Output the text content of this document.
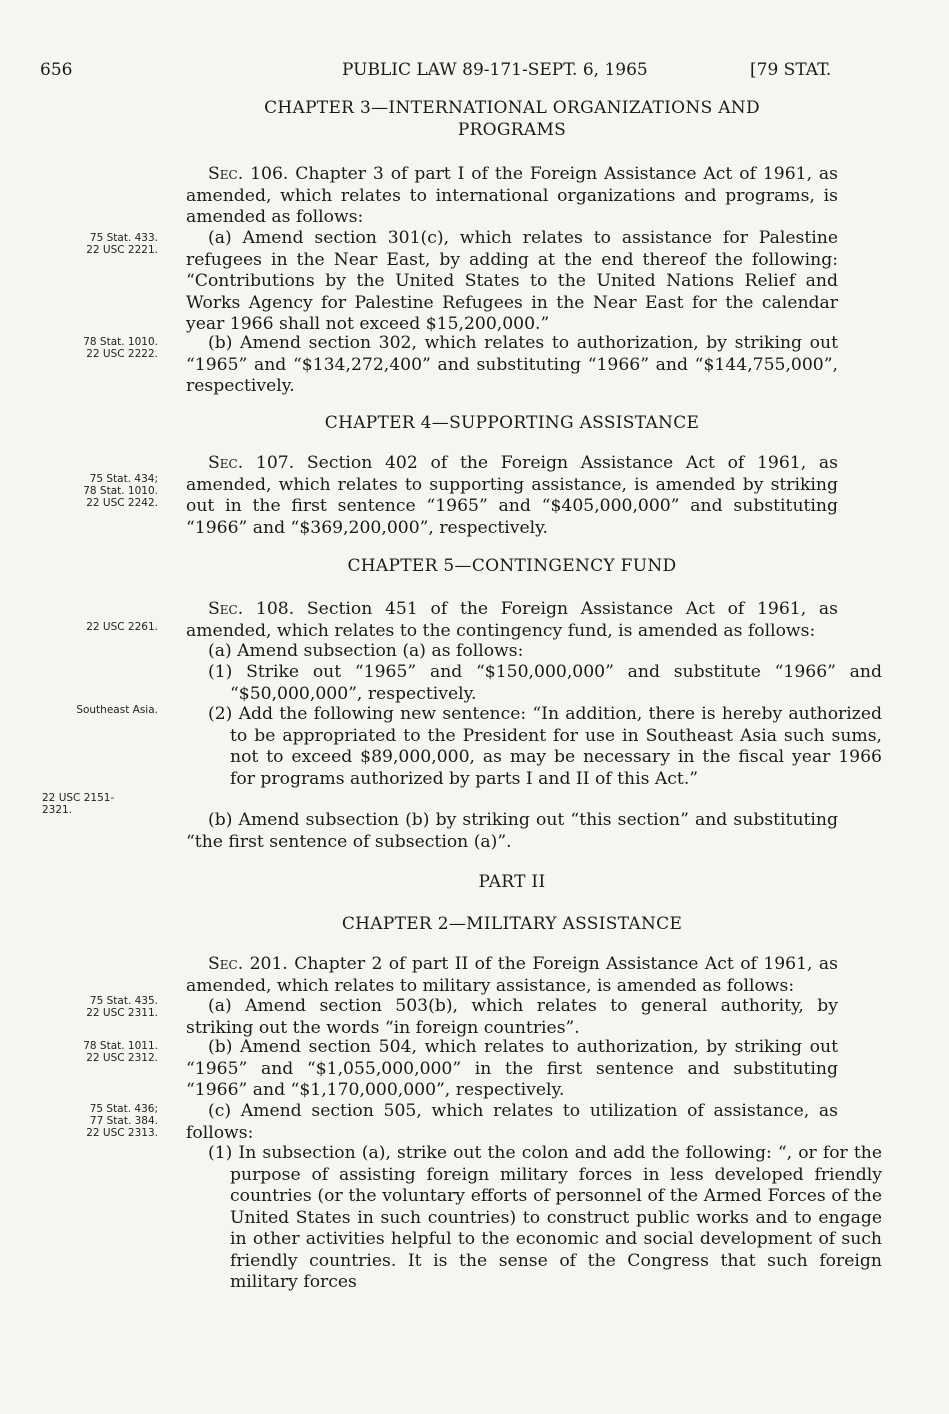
656	PUBLIC LAW 89-171-SEPT. 6, 1965	[79 STAT.
CHAPTER 3—INTERNATIONAL ORGANIZATIONS AND
PROGRAMS
Sec. 106. Chapter 3 of part I of the Foreign Assistance Act of 1961, as amended, which relates to international organizations and programs, is amended as follows:
(a) Amend section 301(c), which relates to assistance for Palestine refugees in the Near East, by adding at the end thereof the following: “Contributions by the United States to the United Nations Relief and Works Agency for Palestine Refugees in the Near East for the calendar year 1966 shall not exceed $15,200,000.”
(b) Amend section 302, which relates to authorization, by striking out “1965” and “$134,272,400” and substituting “1966” and “$144,755,000”, respectively.
CHAPTER 4—SUPPORTING ASSISTANCE
Sec. 107. Section 402 of the Foreign Assistance Act of 1961, as amended, which relates to supporting assistance, is amended by striking out in the first sentence “1965” and “$405,000,000” and substituting “1966” and “$369,200,000”, respectively.
CHAPTER 5—CONTINGENCY FUND
Sec. 108. Section 451 of the Foreign Assistance Act of 1961, as amended, which relates to the contingency fund, is amended as follows:
(a) Amend subsection (a) as follows:
(1) Strike out “1965” and “$150,000,000” and substitute “1966” and “$50,000,000”, respectively.
(2) Add the following new sentence: “In addition, there is hereby authorized to be appropriated to the President for use in Southeast Asia such sums, not to exceed $89,000,000, as may be necessary in the fiscal year 1966 for programs authorized by parts I and II of this Act.”
(b) Amend subsection (b) by striking out “this section” and substituting “the first sentence of subsection (a)”.
PART II
CHAPTER 2—MILITARY ASSISTANCE
Sec. 201. Chapter 2 of part II of the Foreign Assistance Act of 1961, as amended, which relates to military assistance, is amended as follows:
(a) Amend section 503(b), which relates to general authority, by striking out the words “in foreign countries”.
(b) Amend section 504, which relates to authorization, by striking out “1965” and “$1,055,000,000” in the first sentence and substituting “1966” and “$1,170,000,000”, respectively.
(c) Amend section 505, which relates to utilization of assistance, as follows:
(1) In subsection (a), strike out the colon and add the following: “, or for the purpose of assisting foreign military forces in less developed friendly countries (or the voluntary efforts of personnel of the Armed Forces of the United States in such countries) to construct public works and to engage in other activities helpful to the economic and social development of such friendly countries. It is the sense of the Congress that such foreign military forces
75 Stat. 433.
22 USC 2221.
78 Stat. 1010.
22 USC 2222.
75 Stat. 434;
78 Stat. 1010.
22 USC 2242.
22 USC 2261.
Southeast Asia.
22 USC 2151-
2321.
75 Stat. 435.
22 USC 2311.
78 Stat. 1011.
22 USC 2312.
75 Stat. 436;
77 Stat. 384.
22 USC 2313.
